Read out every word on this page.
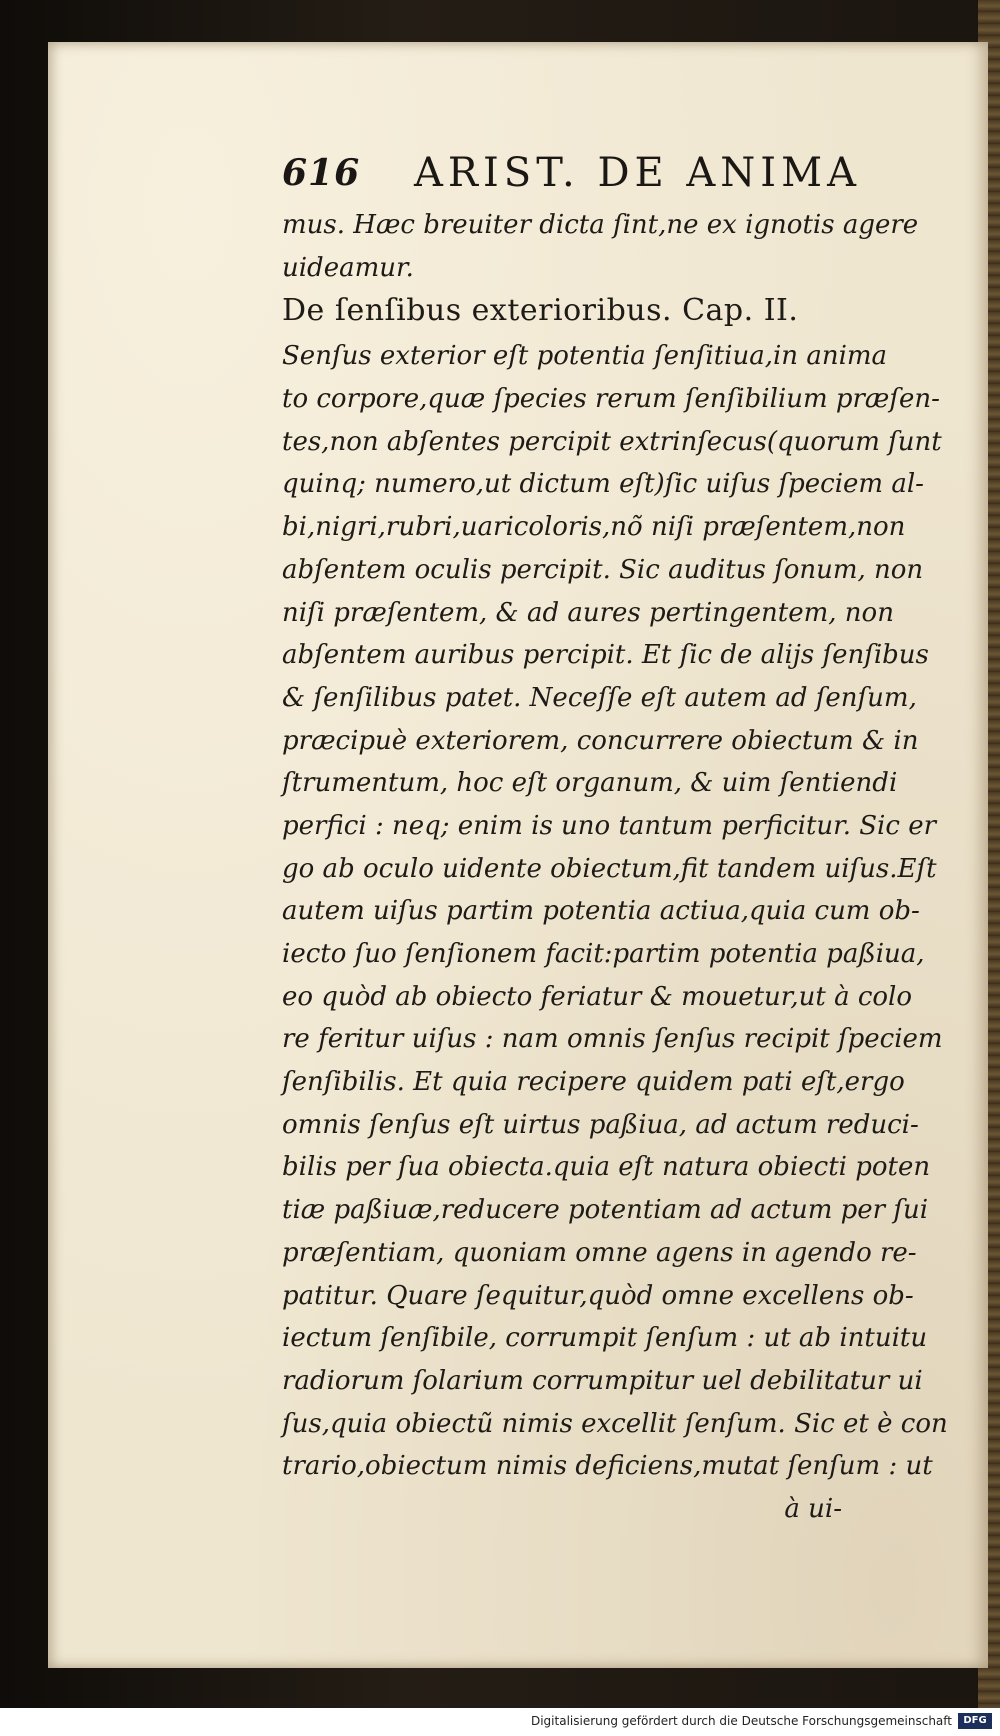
616 ARIST. DE ANIMA
mus. Hæc breuiter dicta ſint,ne ex ignotis agere
uideamur.
De ſenſibus exterioribus. Cap. II.
Senſus exterior eſt potentia ſenſitiua,in anima
to corpore,quæ ſpecies rerum ſenſibilium præſen-
tes,non abſentes percipit extrinſecus(quorum ſunt
quinq; numero,ut dictum eſt)ſic uiſus ſpeciem al-
bi,nigri,rubri,uaricoloris,nõ niſi præſentem,non
abſentem oculis percipit. Sic auditus ſonum, non
niſi præſentem, & ad aures pertingentem, non
abſentem auribus percipit. Et ſic de alijs ſenſibus
& ſenſilibus patet. Neceſſe eſt autem ad ſenſum,
præcipuè exteriorem, concurrere obiectum & in
ſtrumentum, hoc eſt organum, & uim ſentiendi
perfici : neq; enim is uno tantum perficitur. Sic er
go ab oculo uidente obiectum,fit tandem uiſus.Eſt
autem uiſus partim potentia actiua,quia cum ob-
iecto ſuo ſenſionem facit:partim potentia paßiua,
eo quòd ab obiecto feriatur & mouetur,ut à colo
re feritur uiſus : nam omnis ſenſus recipit ſpeciem
ſenſibilis. Et quia recipere quidem pati eſt,ergo
omnis ſenſus eſt uirtus paßiua, ad actum reduci-
bilis per ſua obiecta.quia eſt natura obiecti poten
tiæ paßiuæ,reducere potentiam ad actum per ſui
præſentiam, quoniam omne agens in agendo re-
patitur. Quare ſequitur,quòd omne excellens ob-
iectum ſenſibile, corrumpit ſenſum : ut ab intuitu
radiorum ſolarium corrumpitur uel debilitatur ui
ſus,quia obiectũ nimis excellit ſenſum. Sic et è con
trario,obiectum nimis deficiens,mutat ſenſum : ut
à ui-
Digitalisierung gefördert durch die Deutsche Forschungsgemeinschaft	DFG
